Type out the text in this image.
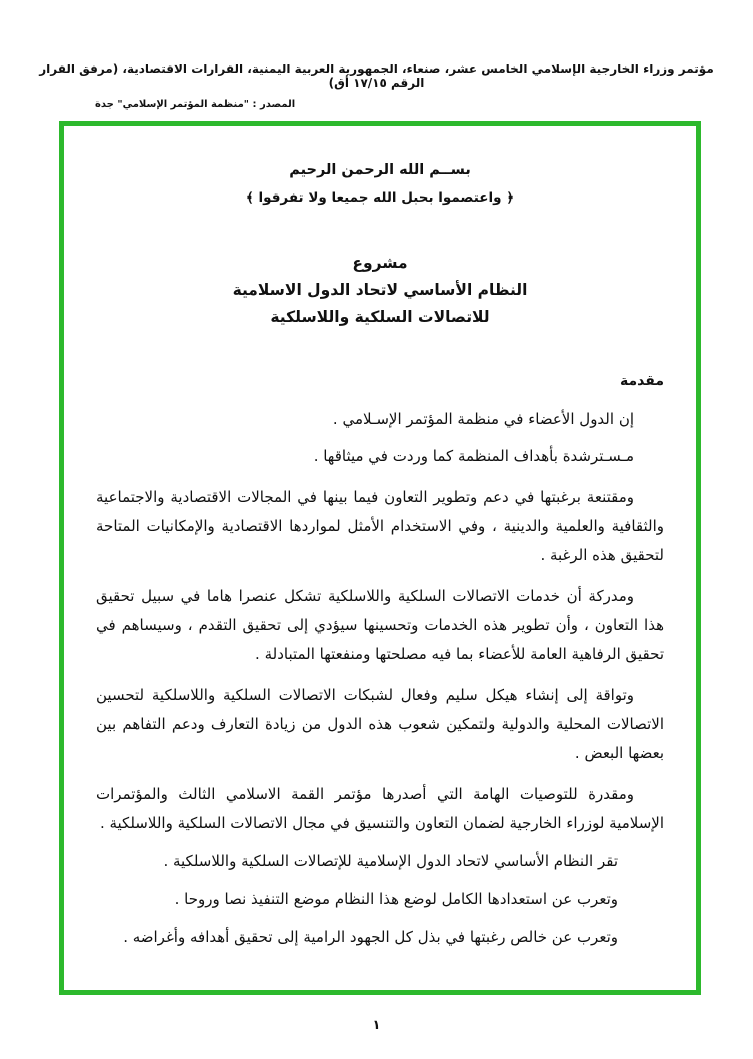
مؤتمر وزراء الخارجية الإسلامي الخامس عشر، صنعاء، الجمهورية العربية اليمنية، القرارات الاقتصادية، (مرفق القرار الرقم ١٧/١٥ أق)
المصدر : "منظمة المؤتمر الإسلامي" جدة
بســم الله الرحمن الرحيم
﴿ واعتصموا بحبل الله جميعا ولا تفرقوا ﴾
مشروع
النظام الأساسي لاتحاد الدول الاسلامية
للاتصالات السلكية واللاسلكية
مقدمة

إن الدول الأعضاء في منظمة المؤتمر الإسـلامي .

مـسـترشدة بأهداف المنظمة كما وردت في ميثاقها .

ومقتنعة برغبتها في دعم وتطوير التعاون فيما بينها في المجالات الاقتصادية والاجتماعية والثقافية والعلمية والدينية ، وفي الاستخدام الأمثل لمواردها الاقتصادية والإمكانيات المتاحة لتحقيق هذه الرغبة .

ومدركة أن خدمات الاتصالات السلكية واللاسلكية تشكل عنصرا هاما في سبيل تحقيق هذا التعاون ، وأن تطوير هذه الخدمات وتحسينها سيؤدي إلى تحقيق التقدم ، وسيساهم في تحقيق الرفاهية العامة للأعضاء بما فيه مصلحتها ومنفعتها المتبادلة .

وتواقة إلى إنشاء هيكل سليم وفعال لشبكات الاتصالات السلكية واللاسلكية لتحسين الاتصالات المحلية والدولية ولتمكين شعوب هذه الدول من زيادة التعارف ودعم التفاهم بين بعضها البعض .

ومقدرة للتوصيات الهامة التي أصدرها مؤتمر القمة الاسلامي الثالث والمؤتمرات الإسلامية لوزراء الخارجية لضمان التعاون والتنسيق في مجال الاتصالات السلكية واللاسلكية .

تقر النظام الأساسي لاتحاد الدول الإسلامية للإتصالات السلكية واللاسلكية .

وتعرب عن استعدادها الكامل لوضع هذا النظام موضع التنفيذ نصا وروحا .

وتعرب عن خالص رغبتها في بذل كل الجهود الرامية إلى تحقيق أهدافه وأغراضه .

١
